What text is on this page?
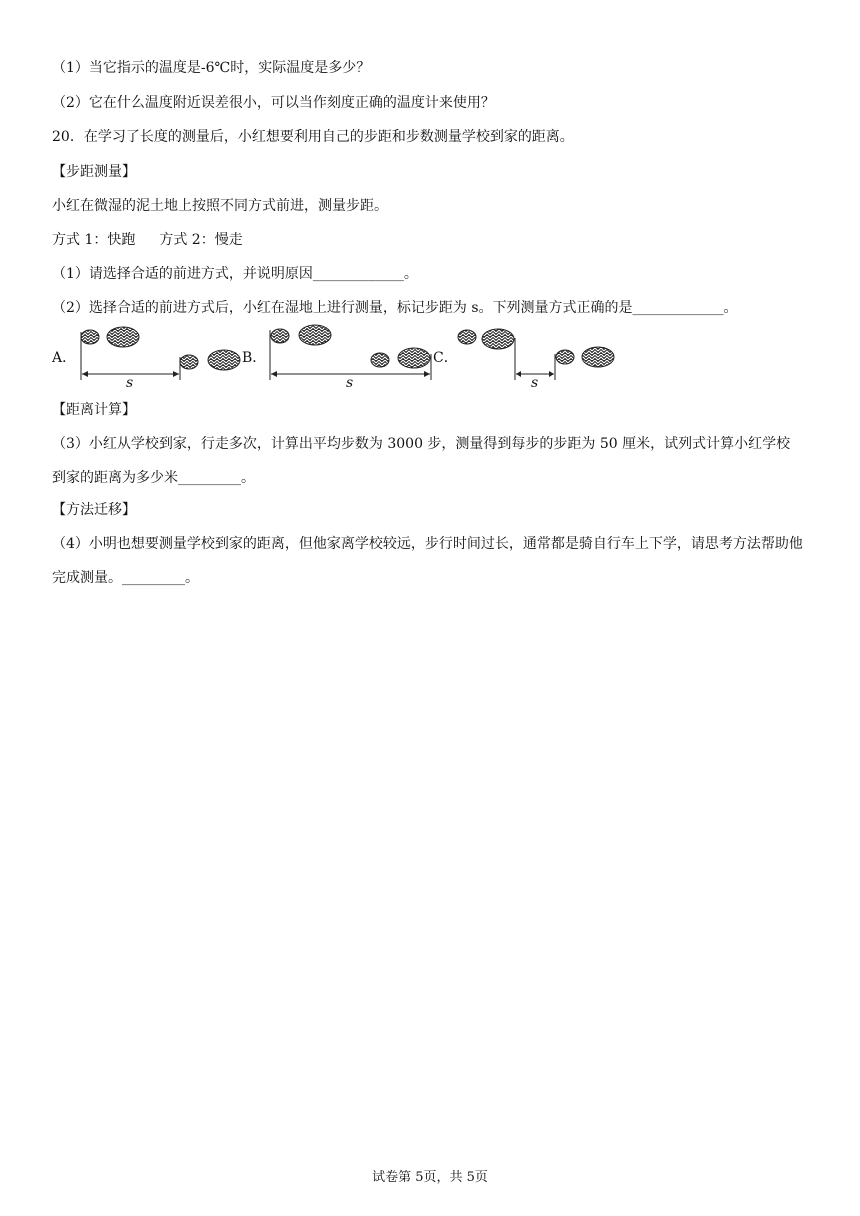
（1）当它指示的温度是-6℃时，实际温度是多少？
（2）它在什么温度附近误差很小，可以当作刻度正确的温度计来使用？
20．在学习了长度的测量后，小红想要利用自己的步距和步数测量学校到家的距离。
【步距测量】
小红在微湿的泥土地上按照不同方式前进，测量步距。
方式 1：快跑 方式 2：慢走
（1）请选择合适的前进方式，并说明原因_____________。
（2）选择合适的前进方式后，小红在湿地上进行测量，标记步距为 s。下列测量方式正确的是_____________。
A．	B．	C．
s	s	s
【距离计算】
（3）小红从学校到家，行走多次，计算出平均步数为 3000 步，测量得到每步的步距为 50 厘米，试列式计算小红学校到家的距离为多少米_________。
【方法迁移】
（4）小明也想要测量学校到家的距离，但他家离学校较远，步行时间过长，通常都是骑自行车上下学，请思考方法帮助他完成测量。_________。
试卷第 5页，共 5页
